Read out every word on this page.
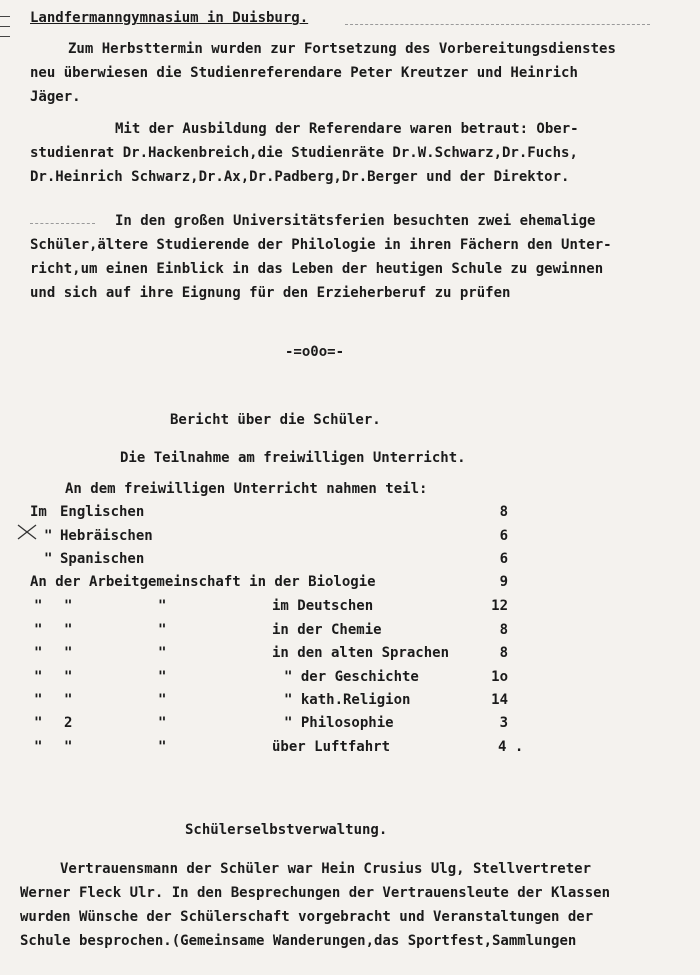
Landfermanngymnasium in Duisburg.
Zum Herbsttermin wurden zur Fortsetzung des Vorbereitungsdienstes
neu überwiesen die Studienreferendare Peter Kreutzer und Heinrich
Jäger.
Mit der Ausbildung der Referendare waren betraut: Ober-
studienrat Dr.Hackenbreich,die Studienräte Dr.W.Schwarz,Dr.Fuchs,
Dr.Heinrich Schwarz,Dr.Ax,Dr.Padberg,Dr.Berger und der Direktor.
In den großen Universitätsferien besuchten zwei ehemalige
Schüler,ältere Studierende der Philologie in ihren Fächern den Unter-
richt,um einen Einblick in das Leben der heutigen Schule zu gewinnen
und sich auf ihre Eignung für den Erzieherberuf zu prüfen
-=o0o=-
Bericht über die Schüler.
Die Teilnahme am freiwilligen Unterricht.
An dem freiwilligen Unterricht nahmen teil:
Im Englischen	8
" Hebräischen	6
" Spanischen	6
An der Arbeitgemeinschaft in der Biologie	9
" "	"	im Deutschen	12
" "	"	in der Chemie	8
" "	"	in den alten Sprachen	8
" "	"	" der Geschichte	1o
" "	"	" kath.Religion	14
" 2	"	" Philosophie	3
" "	"	über Luftfahrt	4 .
Schülerselbstverwaltung.
Vertrauensmann der Schüler war Hein Crusius Ulg, Stellvertreter
Werner Fleck Ulr. In den Besprechungen der Vertrauensleute der Klassen
wurden Wünsche der Schülerschaft vorgebracht und Veranstaltungen der
Schule besprochen.(Gemeinsame Wanderungen,das Sportfest,Sammlungen
